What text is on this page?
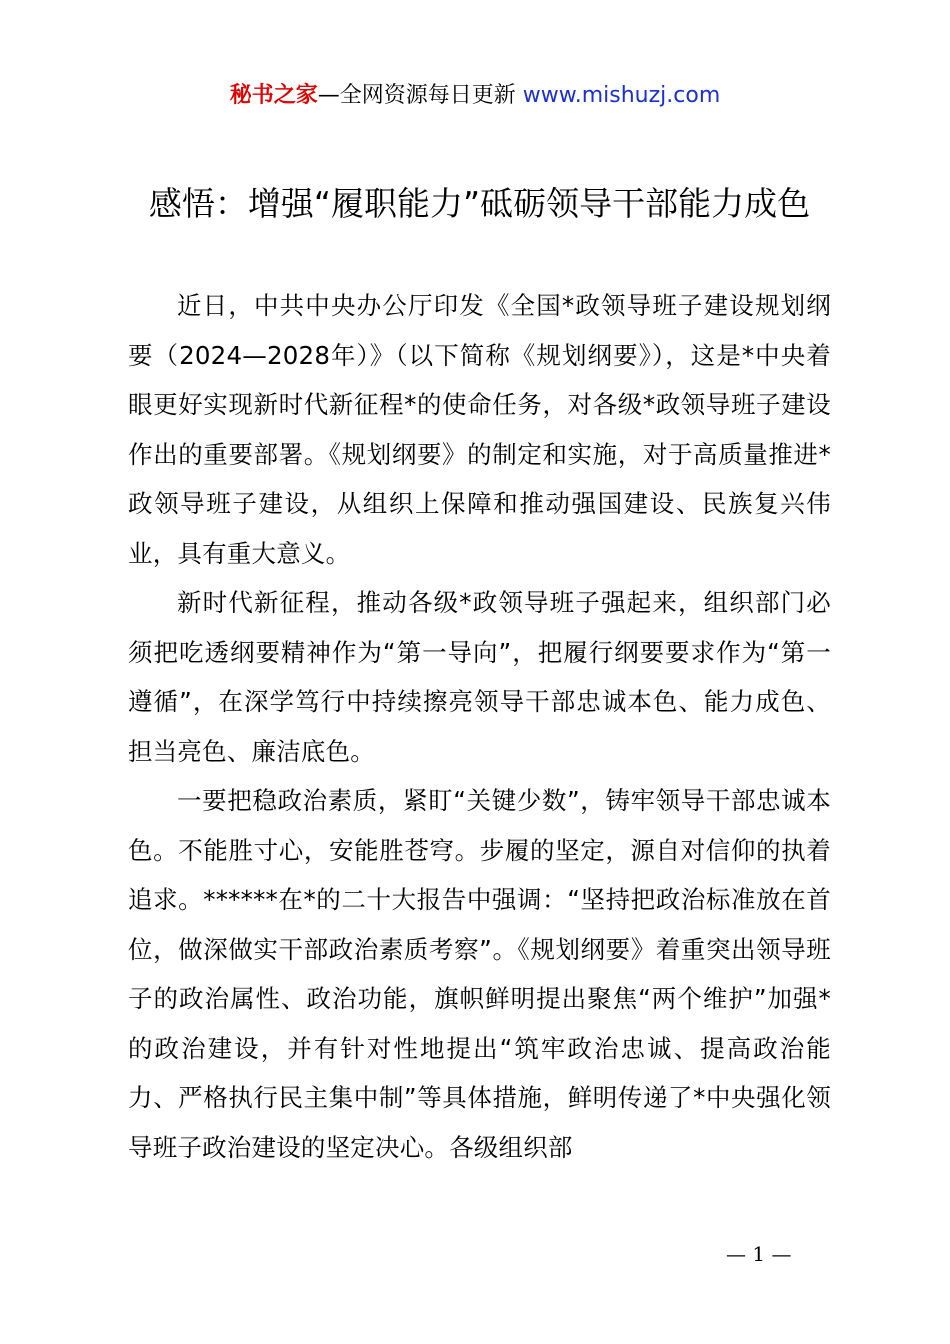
秘书之家—全网资源每日更新 www.mishuzj.com
感悟：增强“履职能力”砥砺领导干部能力成色

近日，中共中央办公厅印发《全国*政领导班子建设规划纲要（2024—2028年）》（以下简称《规划纲要》），这是*中央着眼更好实现新时代新征程*的使命任务，对各级*政领导班子建设作出的重要部署。《规划纲要》的制定和实施，对于高质量推进*政领导班子建设，从组织上保障和推动强国建设、民族复兴伟业，具有重大意义。

新时代新征程，推动各级*政领导班子强起来，组织部门必须把吃透纲要精神作为“第一导向”，把履行纲要要求作为“第一遵循”，在深学笃行中持续擦亮领导干部忠诚本色、能力成色、担当亮色、廉洁底色。

一要把稳政治素质，紧盯“关键少数”，铸牢领导干部忠诚本色。不能胜寸心，安能胜苍穹。步履的坚定，源自对信仰的执着追求。******在*的二十大报告中强调：“坚持把政治标准放在首位，做深做实干部政治素质考察”。《规划纲要》着重突出领导班子的政治属性、政治功能，旗帜鲜明提出聚焦“两个维护”加强*的政治建设，并有针对性地提出“筑牢政治忠诚、提高政治能力、严格执行民主集中制”等具体措施，鲜明传递了*中央强化领导班子政治建设的坚定决心。各级组织部

— 1 —
